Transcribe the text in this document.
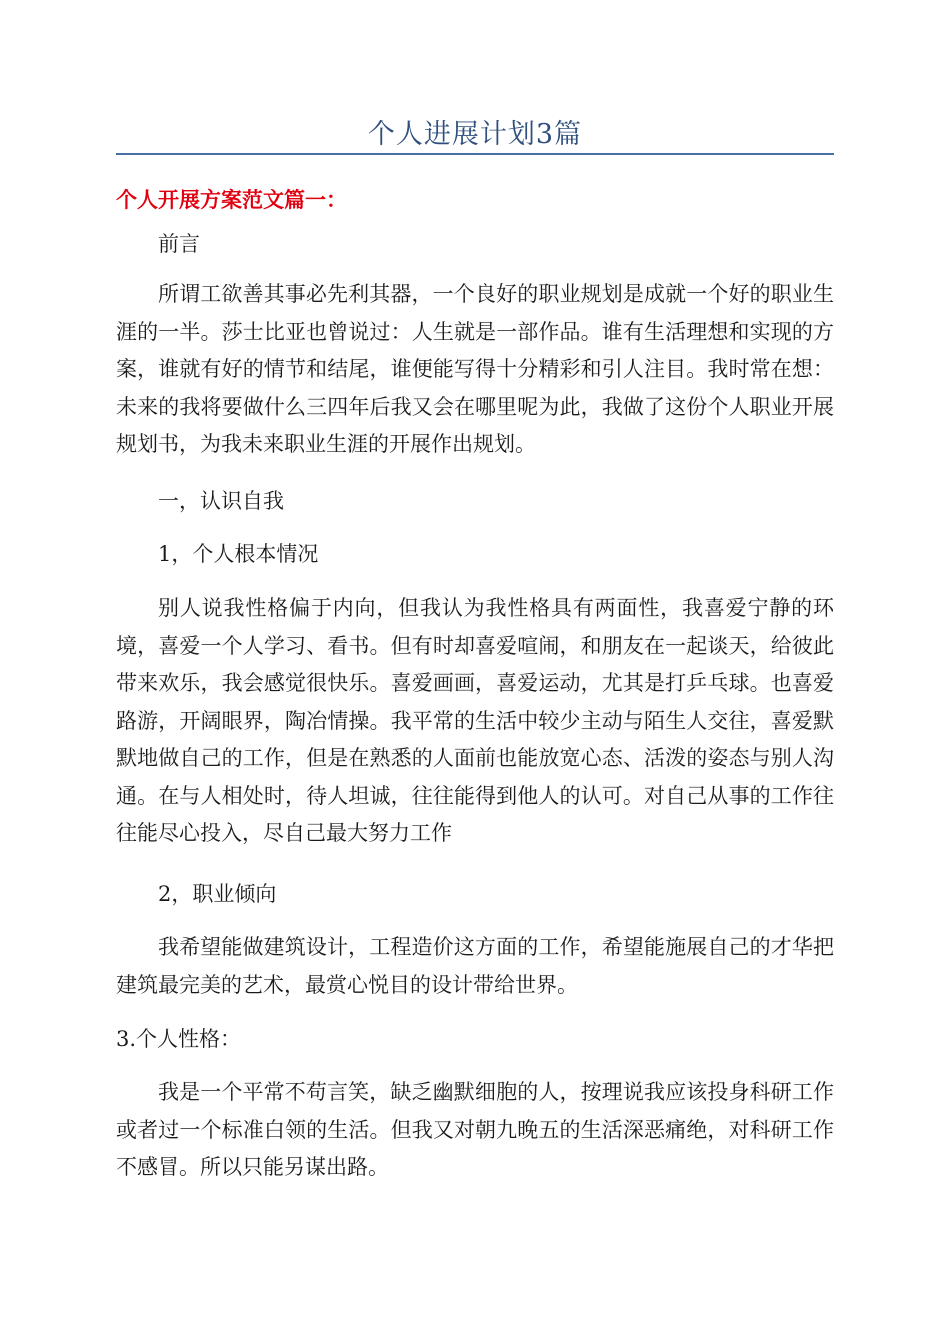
个人进展计划3篇
个人开展方案范文篇一：
前言
所谓工欲善其事必先利其器，一个良好的职业规划是成就一个好的职业生涯的一半。莎士比亚也曾说过：人生就是一部作品。谁有生活理想和实现的方案，谁就有好的情节和结尾，谁便能写得十分精彩和引人注目。我时常在想：未来的我将要做什么三四年后我又会在哪里呢为此，我做了这份个人职业开展规划书，为我未来职业生涯的开展作出规划。
一，认识自我
1，个人根本情况
别人说我性格偏于内向，但我认为我性格具有两面性，我喜爱宁静的环境，喜爱一个人学习、看书。但有时却喜爱喧闹，和朋友在一起谈天，给彼此带来欢乐，我会感觉很快乐。喜爱画画，喜爱运动，尤其是打乒乓球。也喜爱路游，开阔眼界，陶冶情操。我平常的生活中较少主动与陌生人交往，喜爱默默地做自己的工作，但是在熟悉的人面前也能放宽心态、活泼的姿态与别人沟通。在与人相处时，待人坦诚，往往能得到他人的认可。对自己从事的工作往往能尽心投入，尽自己最大努力工作
2，职业倾向
我希望能做建筑设计，工程造价这方面的工作，希望能施展自己的才华把建筑最完美的艺术，最赏心悦目的设计带给世界。
3.个人性格：
我是一个平常不苟言笑，缺乏幽默细胞的人，按理说我应该投身科研工作或者过一个标准白领的生活。但我又对朝九晚五的生活深恶痛绝，对科研工作不感冒。所以只能另谋出路。
